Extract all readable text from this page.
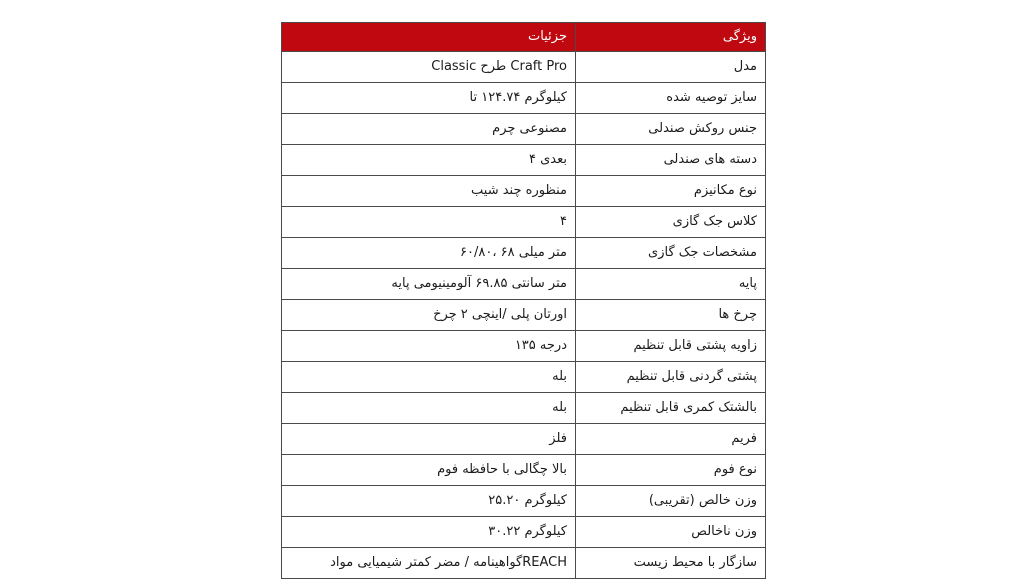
جزئیات	ویژگی
Craft Pro طرح Classic	مدل
کیلوگرم ۱۲۴.۷۴ تا	سایز توصیه شده
مصنوعی چرم	جنس روکش صندلی
بعدی ۴	دسته های صندلی
منظوره چند شیب	نوع مکانیزم
۴	کلاس جک گازی
متر میلی ۶۸ ،۶۰/۸۰	مشخصات جک گازی
متر سانتی ۶۹.۸۵ آلومینیومی پایه	پایه
اورتان پلی /اینچی ۲ چرخ	چرخ ها
درجه ۱۳۵	زاویه پشتی قابل تنظیم
بله	پشتی گردنی قابل تنظیم
بله	بالشتک کمری قابل تنظیم
فلز	فریم
بالا چگالی با حافظه فوم	نوع فوم
کیلوگرم ۲۵.۲۰	وزن خالص (تقریبی)
کیلوگرم ۳۰.۲۲	وزن ناخالص
REACHگواهینامه / مضر کمتر شیمیایی مواد	سازگار با محیط زیست
